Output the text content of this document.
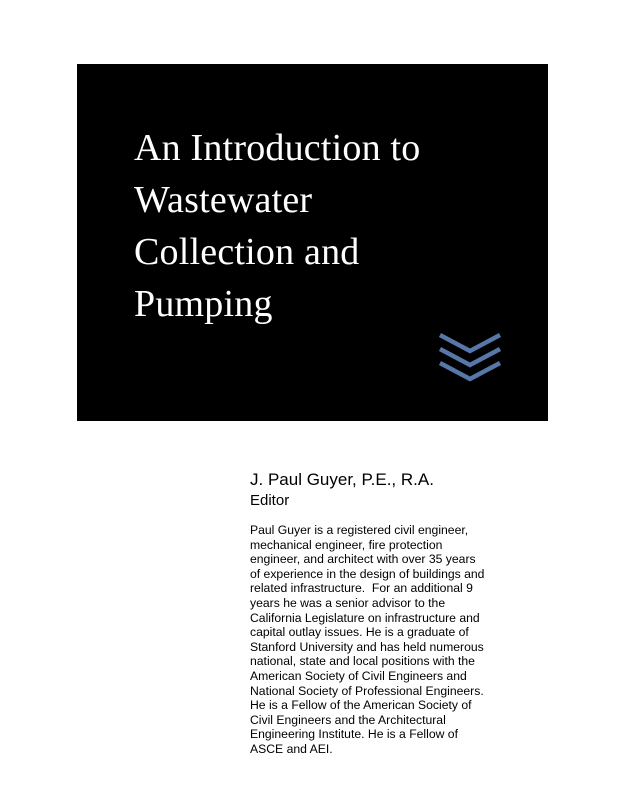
An Introduction to
Wastewater
Collection and
Pumping

J. Paul Guyer, P.E., R.A.

Editor

Paul Guyer is a registered civil engineer,
mechanical engineer, fire protection
engineer, and architect with over 35 years
of experience in the design of buildings and
related infrastructure.  For an additional 9
years he was a senior advisor to the
California Legislature on infrastructure and
capital outlay issues. He is a graduate of
Stanford University and has held numerous
national, state and local positions with the
American Society of Civil Engineers and
National Society of Professional Engineers.
He is a Fellow of the American Society of
Civil Engineers and the Architectural
Engineering Institute. He is a Fellow of
ASCE and AEI.
